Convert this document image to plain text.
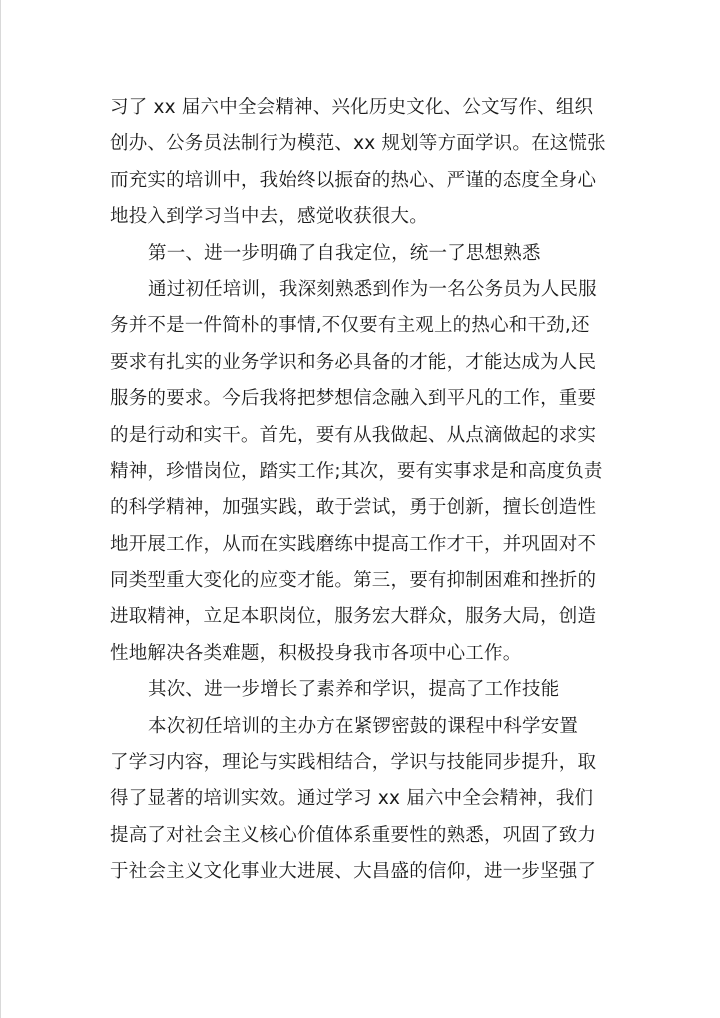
习了 xx 届六中全会精神、兴化历史文化、公文写作、组织
创办、公务员法制行为模范、xx 规划等方面学识。在这慌张
而充实的培训中，我始终以振奋的热心、严谨的态度全身心
地投入到学习当中去，感觉收获很大。
第一、进一步明确了自我定位，统一了思想熟悉
通过初任培训，我深刻熟悉到作为一名公务员为人民服
务并不是一件简朴的事情,不仅要有主观上的热心和干劲,还
要求有扎实的业务学识和务必具备的才能，才能达成为人民
服务的要求。今后我将把梦想信念融入到平凡的工作，重要
的是行动和实干。首先，要有从我做起、从点滴做起的求实
精神，珍惜岗位，踏实工作;其次，要有实事求是和高度负责
的科学精神，加强实践，敢于尝试，勇于创新，擅长创造性
地开展工作，从而在实践磨练中提高工作才干，并巩固对不
同类型重大变化的应变才能。第三，要有抑制困难和挫折的
进取精神，立足本职岗位，服务宏大群众，服务大局，创造
性地解决各类难题，积极投身我市各项中心工作。
其次、进一步增长了素养和学识，提高了工作技能
本次初任培训的主办方在紧锣密鼓的课程中科学安置
了学习内容，理论与实践相结合，学识与技能同步提升，取
得了显著的培训实效。通过学习 xx 届六中全会精神，我们
提高了对社会主义核心价值体系重要性的熟悉，巩固了致力
于社会主义文化事业大进展、大昌盛的信仰，进一步坚强了
